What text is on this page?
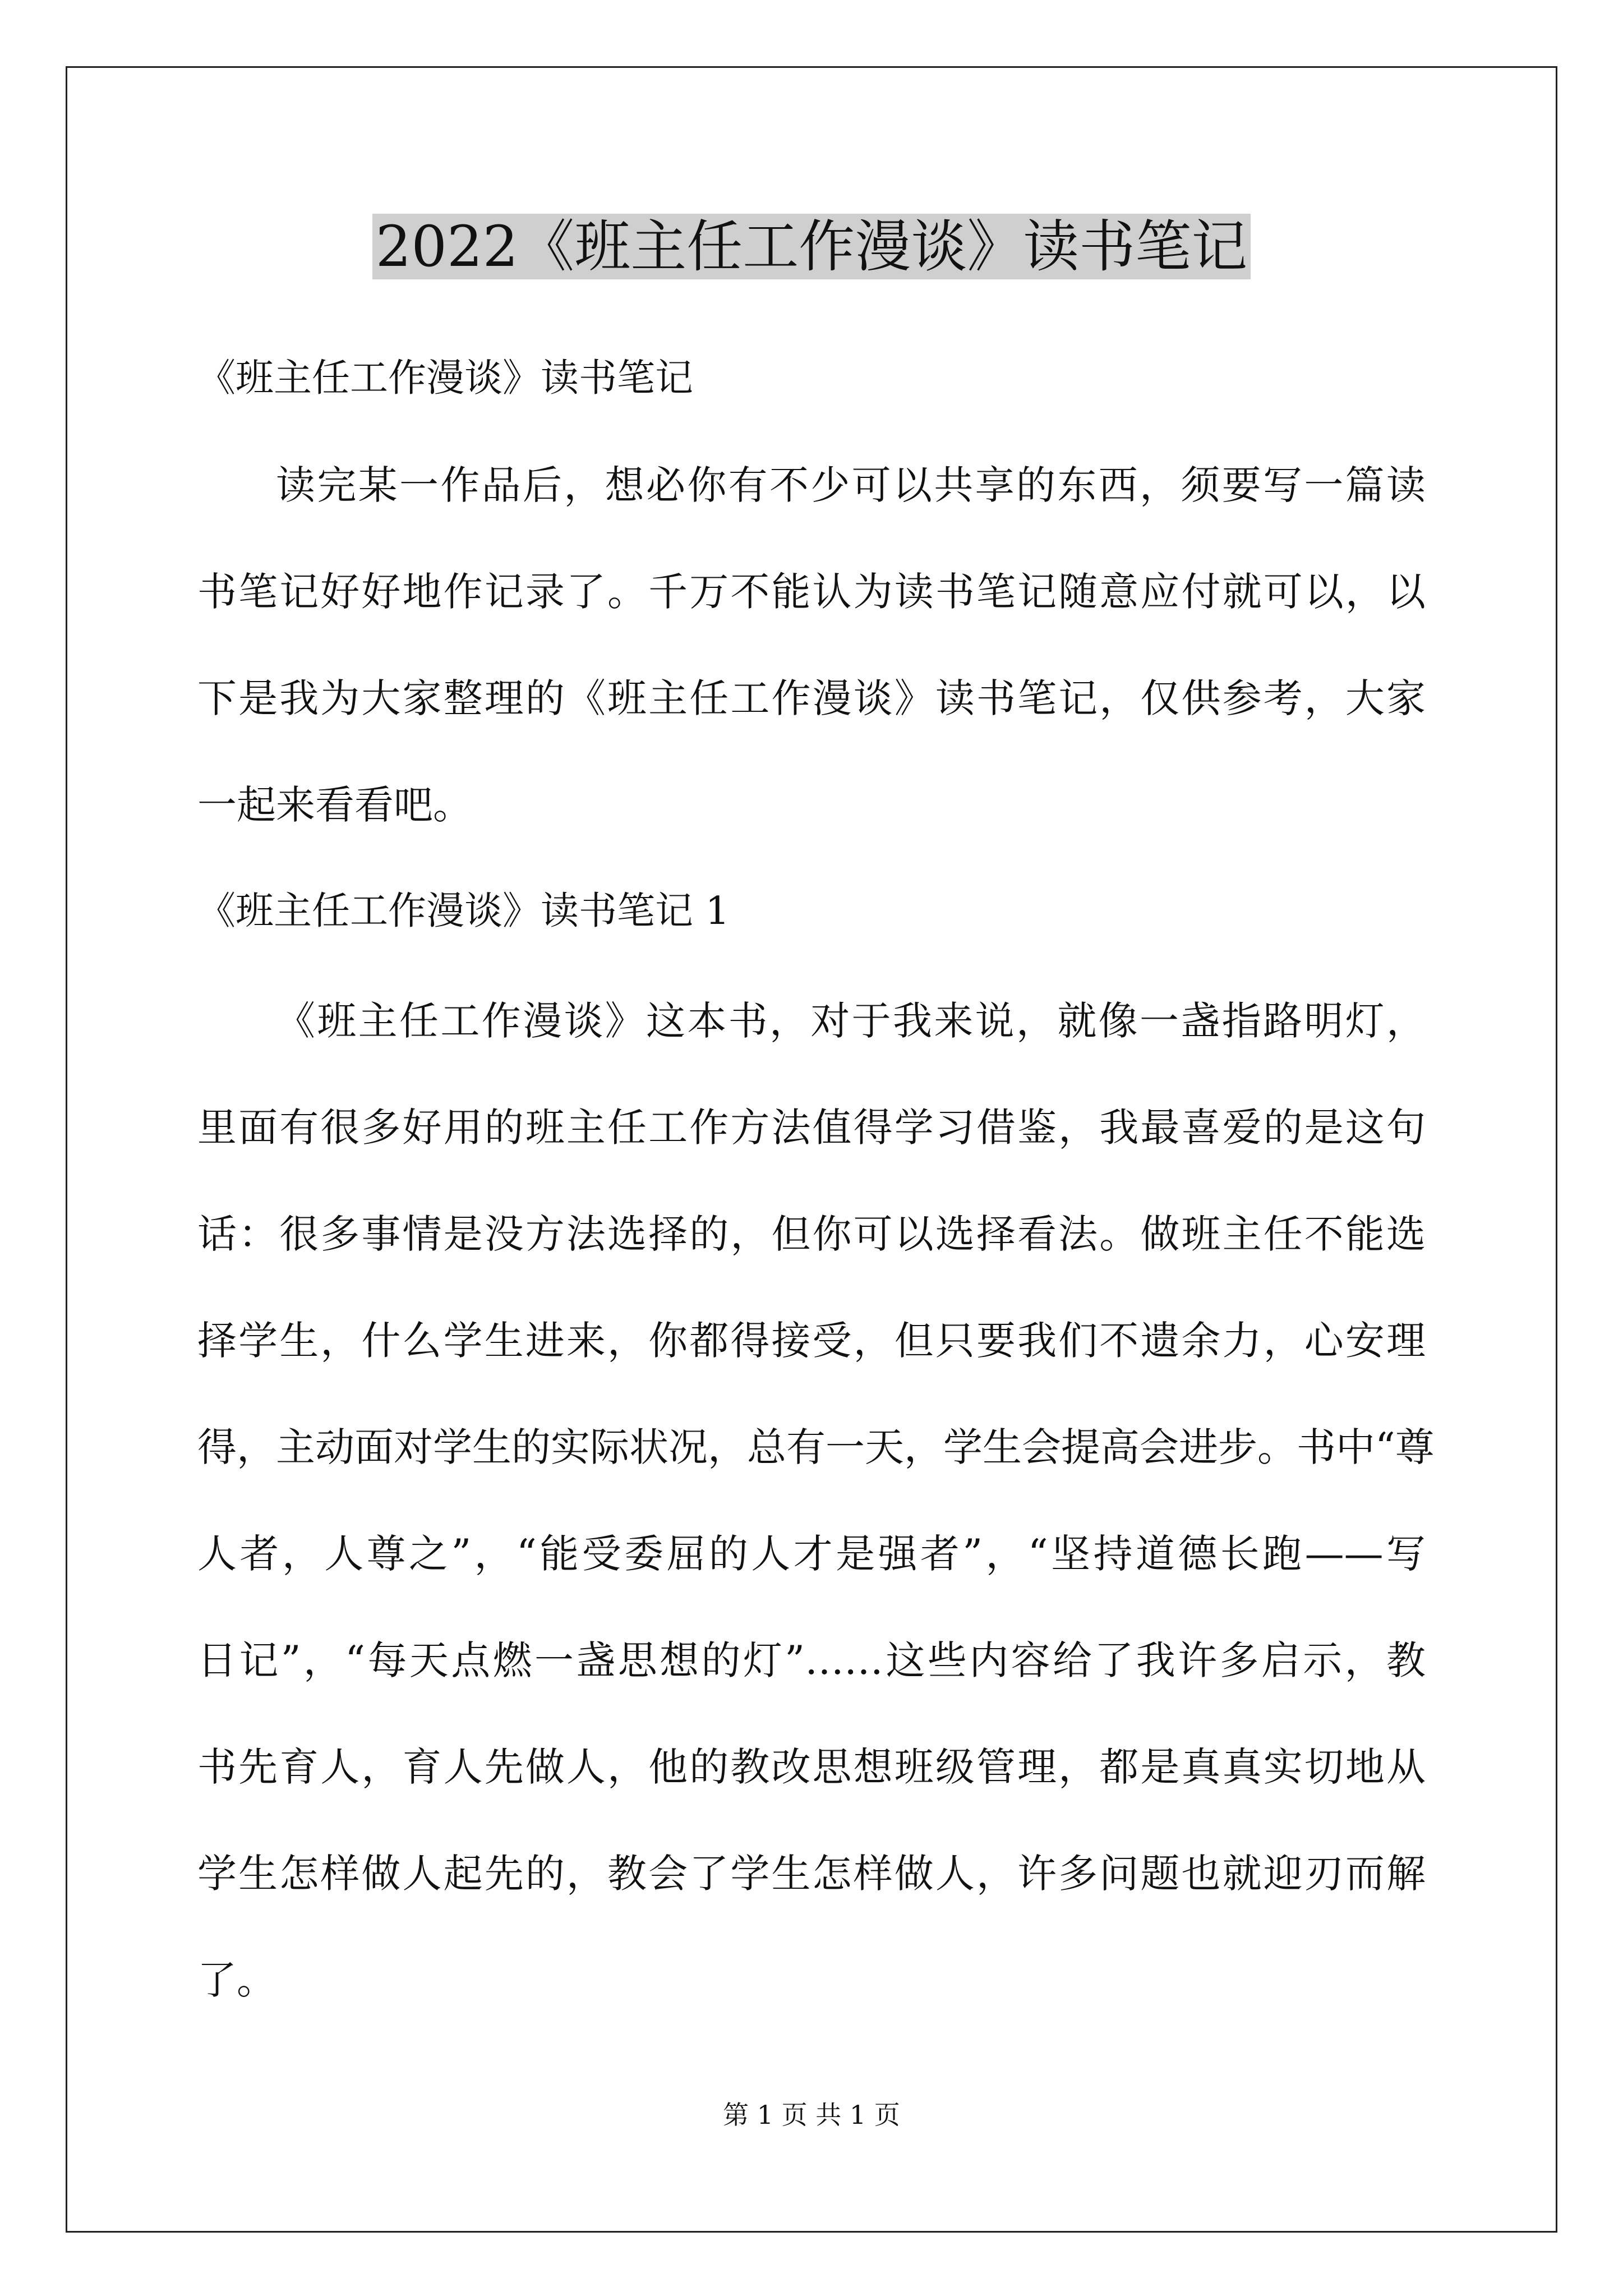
2022《班主任工作漫谈》读书笔记
《班主任工作漫谈》读书笔记
读完某一作品后，想必你有不少可以共享的东西，须要写一篇读
书笔记好好地作记录了。千万不能认为读书笔记随意应付就可以，以
下是我为大家整理的《班主任工作漫谈》读书笔记，仅供参考，大家
一起来看看吧。
《班主任工作漫谈》读书笔记 1
《班主任工作漫谈》这本书，对于我来说，就像一盏指路明灯，
里面有很多好用的班主任工作方法值得学习借鉴，我最喜爱的是这句
话：很多事情是没方法选择的，但你可以选择看法。做班主任不能选
择学生，什么学生进来，你都得接受，但只要我们不遗余力，心安理
得，主动面对学生的实际状况，总有一天，学生会提高会进步。书中“尊
人者，人尊之”，“能受委屈的人才是强者”，“坚持道德长跑——写
日记”，“每天点燃一盏思想的灯”……这些内容给了我许多启示，教
书先育人，育人先做人，他的教改思想班级管理，都是真真实切地从
学生怎样做人起先的，教会了学生怎样做人，许多问题也就迎刃而解
了。
第 1 页 共 1 页
